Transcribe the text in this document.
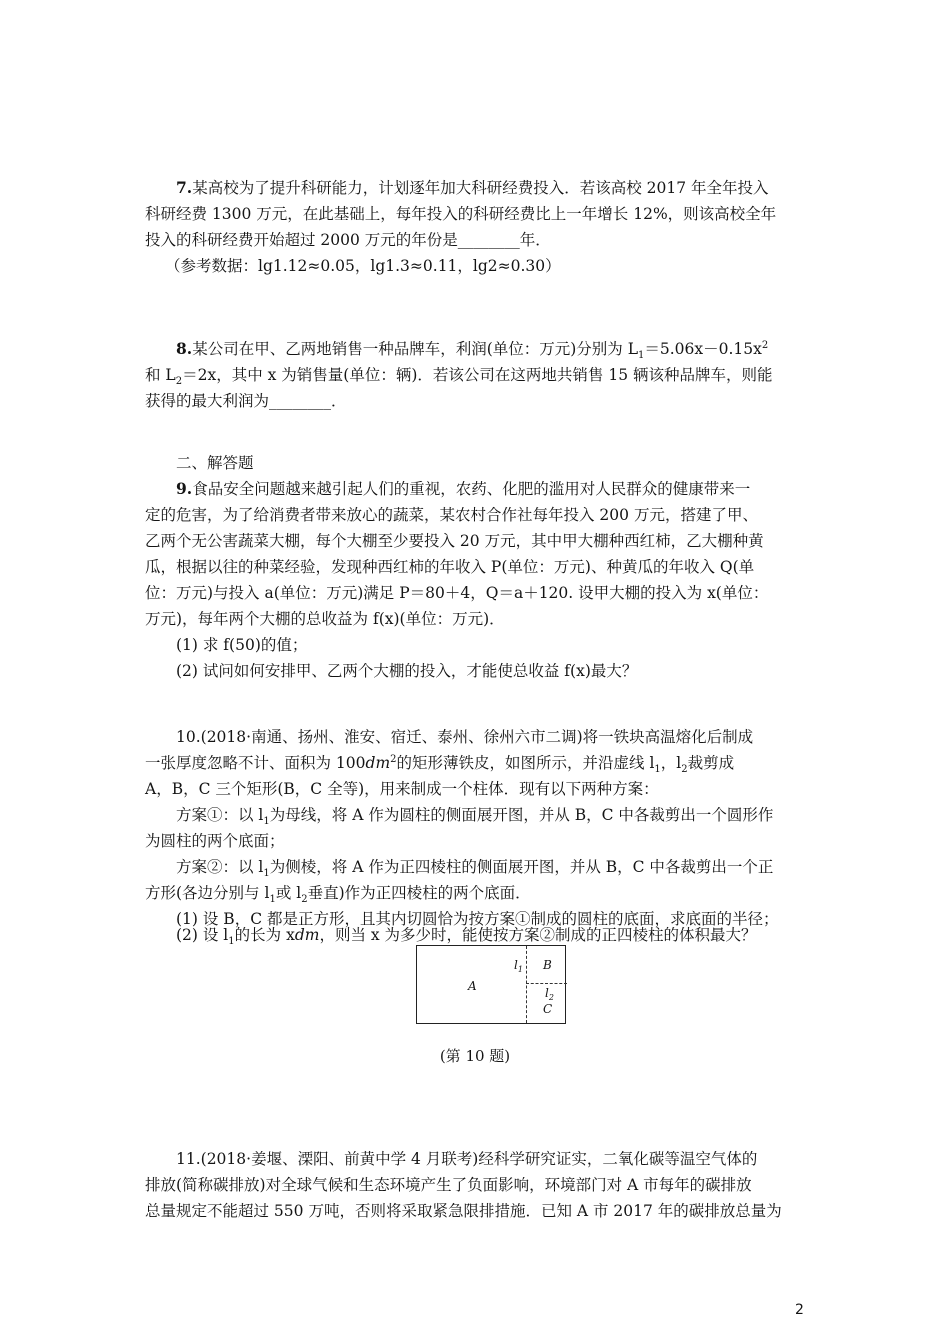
7.某高校为了提升科研能力，计划逐年加大科研经费投入．若该高校 2017 年全年投入
科研经费 1300 万元，在此基础上，每年投入的科研经费比上一年增长 12%，则该高校全年
投入的科研经费开始超过 2000 万元的年份是________年．
（参考数据：lg1.12≈0.05，lg1.3≈0.11，lg2≈0.30）
8.某公司在甲、乙两地销售一种品牌车，利润(单位：万元)分别为 $L_1=5.06x-0.15x^2$
和 $L_2=2x$，其中 x 为销售量(单位：辆)．若该公司在这两地共销售 15 辆该种品牌车，则能
获得的最大利润为________．
二、解答题
9.食品安全问题越来越引起人们的重视，农药、化肥的滥用对人民群众的健康带来一
定的危害，为了给消费者带来放心的蔬菜，某农村合作社每年投入 200 万元，搭建了甲、
乙两个无公害蔬菜大棚，每个大棚至少要投入 20 万元，其中甲大棚种西红柿，乙大棚种黄
瓜，根据以往的种菜经验，发现种西红柿的年收入 P(单位：万元)、种黄瓜的年收入 Q(单
位：万元)与投入 a(单位：万元)满足 P＝80＋4，Q＝a＋120. 设甲大棚的投入为 x(单位：
万元)，每年两个大棚的总收益为 f(x)(单位：万元)．
(1) 求 f(50)的值；
(2) 试问如何安排甲、乙两个大棚的投入，才能使总收益 f(x)最大？
10.(2018·南通、扬州、淮安、宿迁、泰州、徐州六市二调)将一铁块高温熔化后制成
一张厚度忽略不计、面积为 $100dm^2$的矩形薄铁皮，如图所示，并沿虚线 $l_1$，$l_2$裁剪成
A，B，C 三个矩形(B，C 全等)，用来制成一个柱体．现有以下两种方案：
方案①：以 $l_1$为母线，将 A 作为圆柱的侧面展开图，并从 B，C 中各裁剪出一个圆形作
为圆柱的两个底面；
方案②：以 $l_1$为侧棱，将 A 作为正四棱柱的侧面展开图，并从 B，C 中各裁剪出一个正
方形(各边分别与 $l_1$或 $l_2$垂直)作为正四棱柱的两个底面．
(1) 设 B，C 都是正方形，且其内切圆恰为按方案①制成的圆柱的底面，求底面的半径；
(2) 设 $l_1$的长为 xdm，则当 x 为多少时，能使按方案②制成的正四棱柱的体积最大？
A
$l_1$ B
$l_2$
C
(第 10 题)
11.(2018·姜堰、溧阳、前黄中学 4 月联考)经科学研究证实，二氧化碳等温空气体的
排放(简称碳排放)对全球气候和生态环境产生了负面影响，环境部门对 A 市每年的碳排放
总量规定不能超过 550 万吨，否则将采取紧急限排措施．已知 A 市 2017 年的碳排放总量为
2
